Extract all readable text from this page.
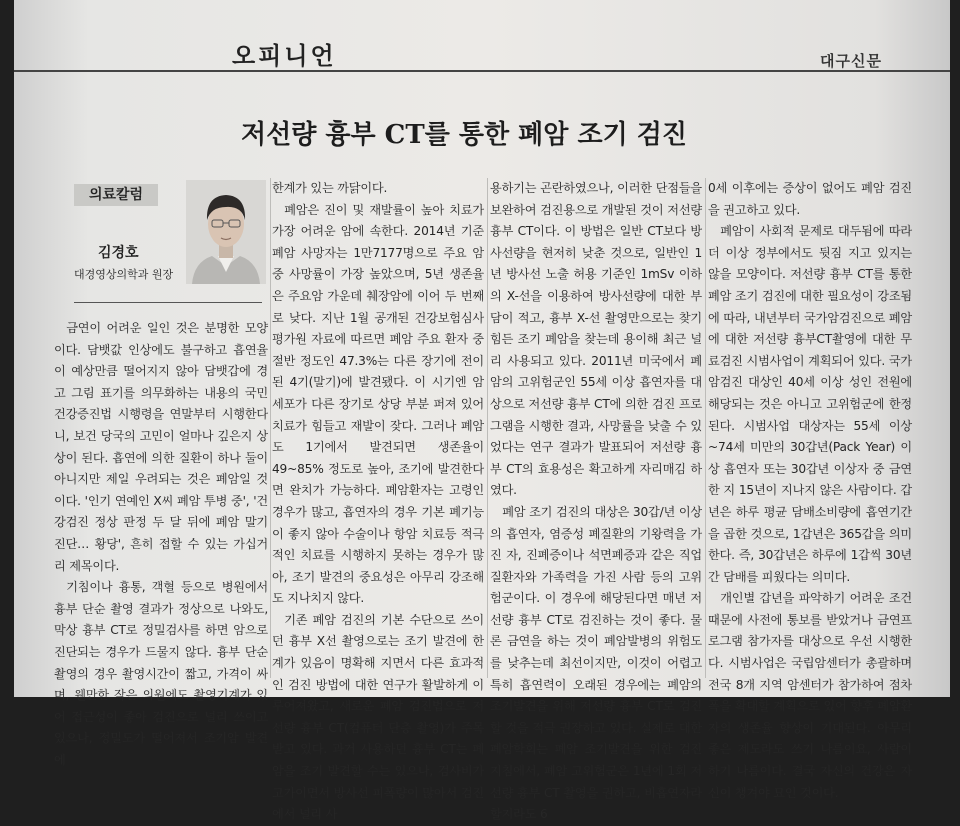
오피니언	대구신문
저선량 흉부 CT를 통한 폐암 조기 검진
의료칼럼
김경호
대경영상의학과 원장

금연이 어려운 일인 것은 분명한 모양이다. 담뱃값 인상에도 불구하고 흡연율이 예상만큼 떨어지지 않아 담뱃갑에 경고 그림 표기를 의무화하는 내용의 국민건강증진법 시행령을 연말부터 시행한다니, 보건 당국의 고민이 얼마나 깊은지 상상이 된다. 흡연에 의한 질환이 하나 둘이 아니지만 제일 우려되는 것은 폐암일 것이다. '인기 연예인 X씨 폐암 투병 중', '건강검진 정상 판정 두 달 뒤에 폐암 말기 진단… 황당', 흔히 접할 수 있는 가십거리 제목이다.

기침이나 흉통, 객혈 등으로 병원에서 흉부 단순 촬영 결과가 정상으로 나와도, 막상 흉부 CT로 정밀검사를 하면 암으로 진단되는 경우가 드물지 않다. 흉부 단순 촬영의 경우 촬영시간이 짧고, 가격이 싸며, 웬만한 작은 의원에도 촬영기계가 있어 접근성이 좋아 검진으로 널리 쓰이고 있으나, 정밀도가 떨어져서 조기암 발견에

한계가 있는 까닭이다.

폐암은 진이 및 재발률이 높아 치료가 가장 어려운 암에 속한다. 2014년 기준 폐암 사망자는 1만7177명으로 주요 암 중 사망률이 가장 높았으며, 5년 생존율은 주요암 가운데 췌장암에 이어 두 번째로 낮다. 지난 1월 공개된 건강보험심사평가원 자료에 따르면 폐암 주요 환자 중 절반 정도인 47.3%는 다른 장기에 전이된 4기(말기)에 발견됐다. 이 시기엔 암세포가 다른 장기로 상당 부분 퍼져 있어 치료가 힘들고 재발이 잦다. 그러나 폐암도 1기에서 발견되면 생존율이 49~85% 정도로 높아, 조기에 발견한다면 완치가 가능하다. 폐암환자는 고령인 경우가 많고, 흡연자의 경우 기본 폐기능이 좋지 않아 수술이나 항암 치료등 적극적인 치료를 시행하지 못하는 경우가 많아, 조기 발견의 중요성은 아무리 강조해도 지나치지 않다.

기존 폐암 검진의 기본 수단으로 쓰이던 흉부 X선 촬영으로는 조기 발견에 한계가 있음이 명확해 지면서 다른 효과적인 검진 방법에 대한 연구가 활발하게 이루어져왔고, 새로운 폐암 검진법으로 저선량 흉부 CT(컴퓨터 단층 촬영)가 주목받고 있다. 과거 사용하던 흉부 CT는 폐암을 조기 발견할 수는 있으나, 검사비가 고가이면서 방사선 피폭량이 많아서 검진에서 널리 사

용하기는 곤란하였으나, 이러한 단점들을 보완하여 검진용으로 개발된 것이 저선량 흉부 CT이다. 이 방법은 일반 CT보다 방사선량을 현저히 낮춘 것으로, 일반인 1년 방사선 노출 허용 기준인 1mSv 이하의 X-선을 이용하여 방사선량에 대한 부담이 적고, 흉부 X-선 촬영만으로는 찾기 힘든 조기 폐암을 찾는데 용이해 최근 널리 사용되고 있다. 2011년 미국에서 폐암의 고위험군인 55세 이상 흡연자를 대상으로 저선량 흉부 CT에 의한 검진 프로그램을 시행한 결과, 사망률을 낮출 수 있었다는 연구 결과가 발표되어 저선량 흉부 CT의 효용성은 확고하게 자리매김 하였다.

폐암 조기 검진의 대상은 30갑/년 이상의 흡연자, 염증성 폐질환의 기왕력을 가진 자, 진폐증이나 석면폐증과 같은 직업 질환자와 가족력을 가진 사람 등의 고위험군이다. 이 경우에 해당된다면 매년 저선량 흉부 CT로 검진하는 것이 좋다. 물론 금연을 하는 것이 폐암발병의 위험도를 낮추는데 최선이지만, 이것이 어렵고 특히 흡연력이 오래된 경우에는 폐암의 조기발견을 위해 저선량 흉부 CT로 검진할 것을 적극 권장하고 있다. 실제로 대한폐암학회는 폐암 조기발견을 위한 검진 지침에서, 폐암 고위험군은 1년에 1회 저선량 흉부 CT 촬영을 권하고, 비흡연자라 할지라도 6

0세 이후에는 증상이 없어도 폐암 검진을 권고하고 있다.

폐암이 사회적 문제로 대두됨에 따라 더 이상 정부에서도 뒷짐 지고 있지는 않을 모양이다. 저선량 흉부 CT를 통한 폐암 조기 검진에 대한 필요성이 강조됨에 따라, 내년부터 국가암검진으로 폐암에 대한 저선량 흉부CT촬영에 대한 무료검진 시범사업이 계획되어 있다. 국가암검진 대상인 40세 이상 성인 전원에 해당되는 것은 아니고 고위험군에 한정된다. 시범사업 대상자는 55세 이상~74세 미만의 30갑년(Pack Year) 이상 흡연자 또는 30갑년 이상자 중 금연한 지 15년이 지나지 않은 사람이다. 갑년은 하루 평균 담배소비량에 흡연기간을 곱한 것으로, 1갑년은 365갑을 의미한다. 즉, 30갑년은 하루에 1갑씩 30년간 담배를 피웠다는 의미다.

개인별 갑년을 파악하기 어려운 조건 때문에 사전에 통보를 받았거나 금연프로그램 참가자를 대상으로 우선 시행한다. 시범사업은 국립암센터가 총괄하며 전국 8개 지역 암센터가 참가하여 점차 폭을 확대할 계획으로 있어 향후 폐암환자의 생존율 향상이 기대된다. 아무리 좋은 제도라도 쓰기 나름이요, 사람이 하기 나름이다. 결국 자신의 건강은 자신이 챙겨야 묘인 것이다.
